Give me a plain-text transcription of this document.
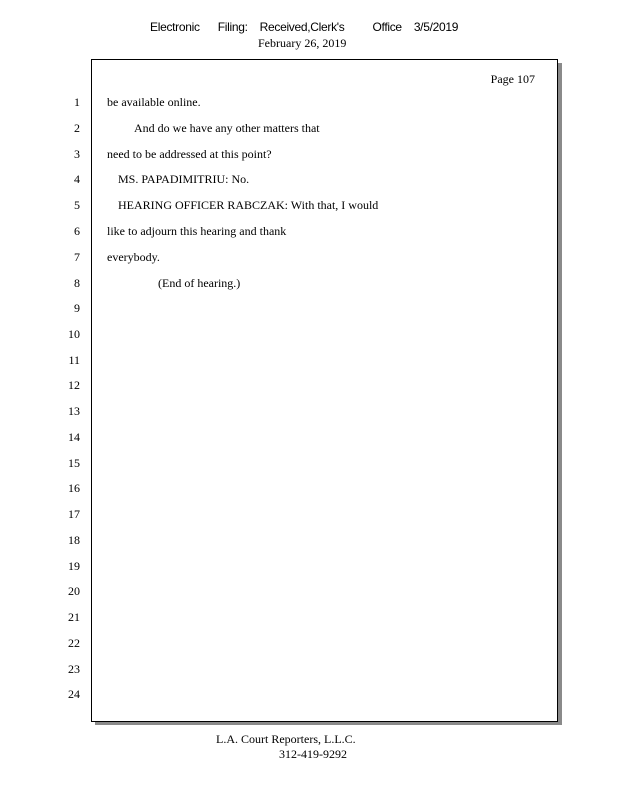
Electronic Filing: Received,Clerk's Office 3/5/2019
February 26, 2019
Page 107
1 be available online.
2	And do we have any other matters that
3 need to be addressed at this point?
4	MS. PAPADIMITRIU: No.
5	HEARING OFFICER RABCZAK: With that, I would
6 like to adjourn this hearing and thank
7 everybody.
8	(End of hearing.)
9
10
11
12
13
14
15
16
17
18
19
20
21
22
23
24
L.A. Court Reporters, L.L.C.
312-419-9292
